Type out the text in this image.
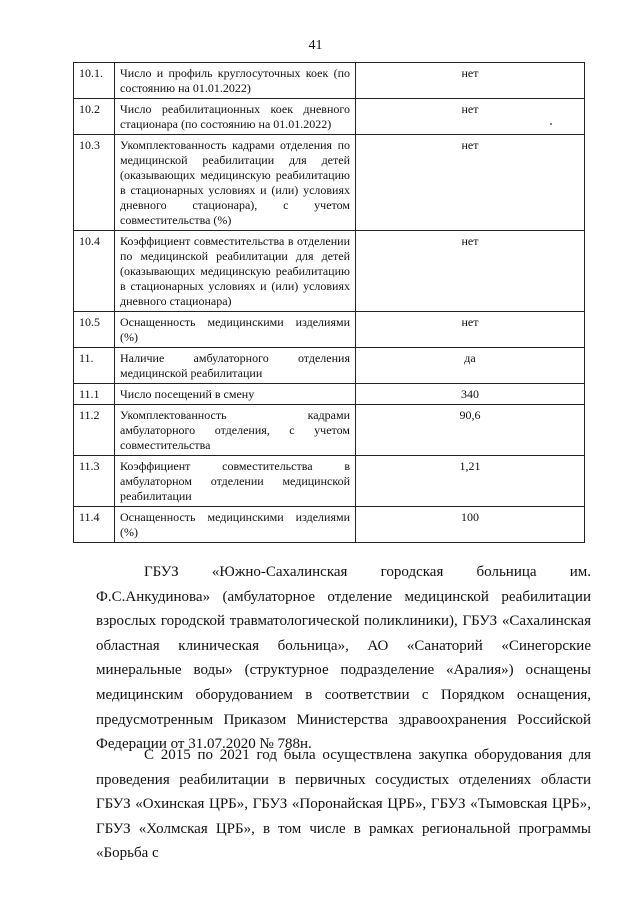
41
10.1.	Число и профиль круглосуточных коек (по состоянию на 01.01.2022)	нет
10.2	Число реабилитационных коек дневного стационара (по состоянию на 01.01.2022)	нет
10.3	Укомплектованность кадрами отделения по медицинской реабилитации для детей (оказывающих медицинскую реабилитацию в стационарных условиях и (или) условиях дневного стационара), с учетом совместительства (%)	нет
10.4	Коэффициент совместительства в отделении по медицинской реабилитации для детей (оказывающих медицинскую реабилитацию в стационарных условиях и (или) условиях дневного стационара)	нет
10.5	Оснащенность медицинскими изделиями (%)	нет
11.	Наличие амбулаторного отделения медицинской реабилитации	да
11.1	Число посещений в смену	340
11.2	Укомплектованность кадрами амбулаторного отделения, с учетом совместительства	90,6
11.3	Коэффициент совместительства в амбулаторном отделении медицинской реабилитации	1,21
11.4	Оснащенность медицинскими изделиями (%)	100

ГБУЗ «Южно-Сахалинская городская больница им. Ф.С.Анкудинова» (амбулаторное отделение медицинской реабилитации взрослых городской травматологической поликлиники), ГБУЗ «Сахалинская областная клиническая больница», АО «Санаторий «Синегорские минеральные воды» (структурное подразделение «Аралия») оснащены медицинским оборудованием в соответствии с Порядком оснащения, предусмотренным Приказом Министерства здравоохранения Российской Федерации от 31.07.2020 № 788н.

С 2015 по 2021 год была осуществлена закупка оборудования для проведения реабилитации в первичных сосудистых отделениях области ГБУЗ «Охинская ЦРБ», ГБУЗ «Поронайская ЦРБ», ГБУЗ «Тымовская ЦРБ», ГБУЗ «Холмская ЦРБ», в том числе в рамках региональной программы «Борьба с
